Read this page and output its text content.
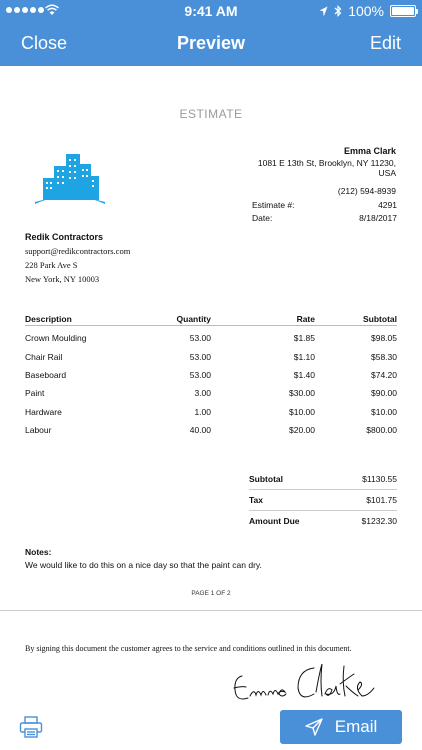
9:41 AM	100%
Close	Preview	Edit
ESTIMATE
Emma Clark
1081 E 13th St, Brooklyn, NY 11230,
USA
(212) 594-8939
Estimate #:	4291
Date:	8/18/2017
Redik Contractors
support@redikcontractors.com
228 Park Ave S
New York, NY 10003
Description	Quantity	Rate	Subtotal
Crown Moulding	53.00	$1.85	$98.05
Chair Rail	53.00	$1.10	$58.30
Baseboard	53.00	$1.40	$74.20
Paint	3.00	$30.00	$90.00
Hardware	1.00	$10.00	$10.00
Labour	40.00	$20.00	$800.00
Subtotal	$1130.55
Tax	$101.75
Amount Due	$1232.30
Notes:
We would like to do this on a nice day so that the paint can dry.
PAGE 1 OF 2
By signing this document the customer agrees to the service and conditions outlined in this document.
Email
